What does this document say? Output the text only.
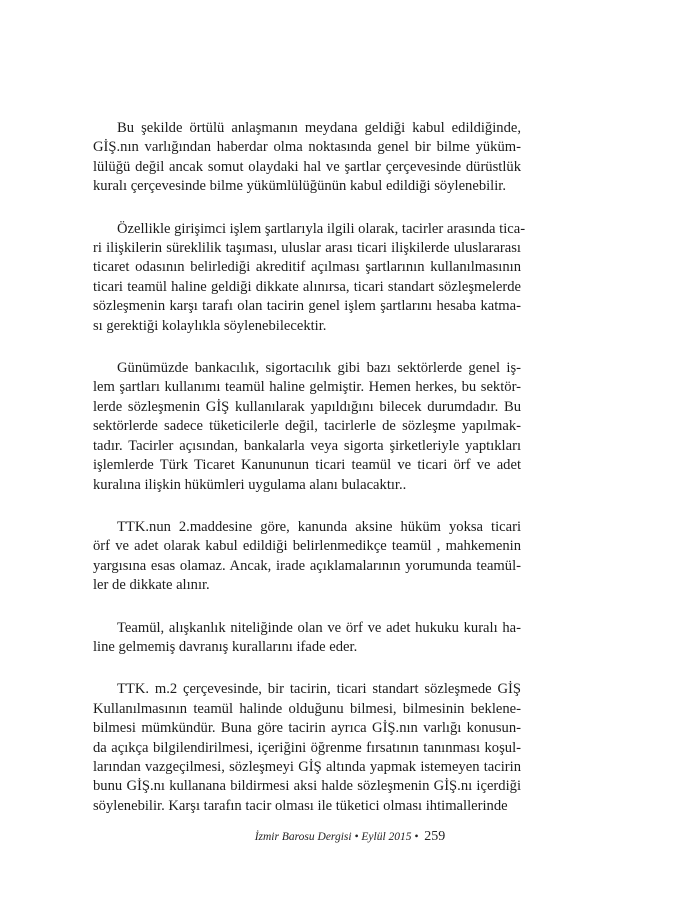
Bu şekilde örtülü anlaşmanın meydana geldiği kabul edildiğinde,
GİŞ.nın varlığından haberdar olma noktasında genel bir bilme yüküm-
lülüğü değil ancak somut olaydaki hal ve şartlar çerçevesinde dürüstlük
kuralı çerçevesinde bilme yükümlülüğünün kabul edildiği söylenebilir.
Özellikle girişimci işlem şartlarıyla ilgili olarak, tacirler arasında tica-
ri ilişkilerin süreklilik taşıması, uluslar arası ticari ilişkilerde uluslararası
ticaret odasının belirlediği akreditif açılması şartlarının kullanılmasının
ticari teamül haline geldiği dikkate alınırsa, ticari standart sözleşmelerde
sözleşmenin karşı tarafı olan tacirin genel işlem şartlarını hesaba katma-
sı gerektiği kolaylıkla söylenebilecektir.
Günümüzde bankacılık, sigortacılık gibi bazı sektörlerde genel iş-
lem şartları kullanımı teamül haline gelmiştir. Hemen herkes, bu sektör-
lerde sözleşmenin GİŞ kullanılarak yapıldığını bilecek durumdadır. Bu
sektörlerde sadece tüketicilerle değil, tacirlerle de sözleşme yapılmak-
tadır. Tacirler açısından, bankalarla veya sigorta şirketleriyle yaptıkları
işlemlerde Türk Ticaret Kanununun ticari teamül ve ticari örf ve adet
kuralına ilişkin hükümleri uygulama alanı bulacaktır..
TTK.nun 2.maddesine göre, kanunda aksine hüküm yoksa ticari
örf ve adet olarak kabul edildiği belirlenmedikçe teamül , mahkemenin
yargısına esas olamaz. Ancak, irade açıklamalarının yorumunda teamül-
ler de dikkate alınır.
Teamül, alışkanlık niteliğinde olan ve örf ve adet hukuku kuralı ha-
line gelmemiş davranış kurallarını ifade eder.
TTK. m.2 çerçevesinde, bir tacirin, ticari standart sözleşmede GİŞ
Kullanılmasının teamül halinde olduğunu bilmesi, bilmesinin beklene-
bilmesi mümkündür. Buna göre tacirin ayrıca GİŞ.nın varlığı konusun-
da açıkça bilgilendirilmesi, içeriğini öğrenme fırsatının tanınması koşul-
larından vazgeçilmesi, sözleşmeyi GİŞ altında yapmak istemeyen tacirin
bunu GİŞ.nı kullanana bildirmesi aksi halde sözleşmenin GİŞ.nı içerdiği
söylenebilir. Karşı tarafın tacir olması ile tüketici olması ihtimallerinde
İzmir Barosu Dergisi • Eylül 2015 • 259
